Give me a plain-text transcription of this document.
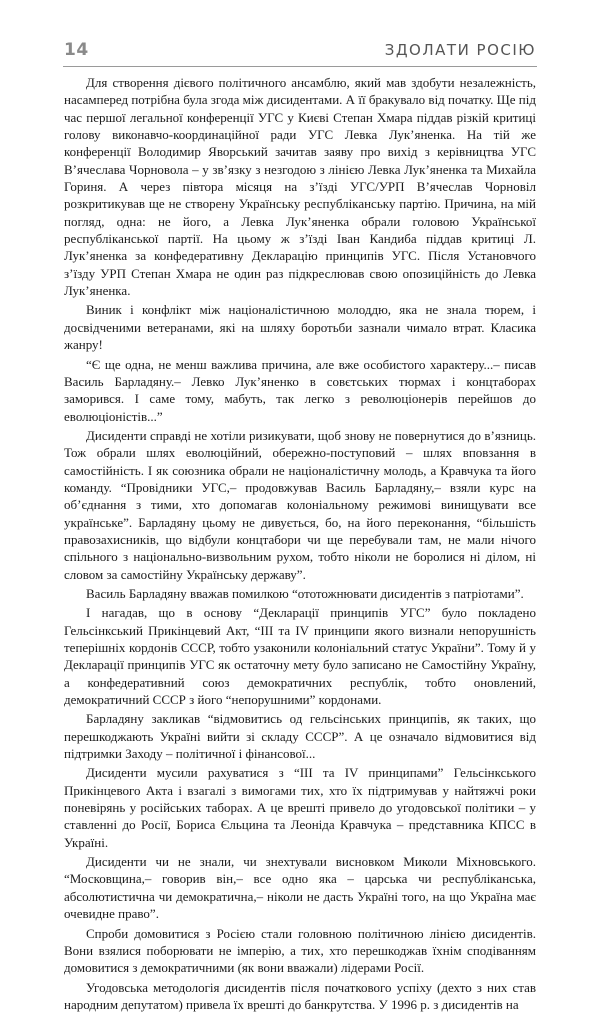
14	ЗДОЛАТИ РОСІЮ

Для створення дієвого політичного ансамблю, який мав здобути незалежність, насамперед потрібна була згода між дисидентами. А її бракувало від початку. Ще під час першої легальної конференції УГС у Києві Степан Хмара піддав різкій критиці голову виконавчо-координаційної ради УГС Левка Лук’яненка. На тій же конференції Володимир Яворський зачитав заяву про вихід з керівництва УГС В’ячеслава Чорновола – у зв’язку з незгодою з лінією Левка Лук’яненка та Михайла Гориня. А через півтора місяця на з’їзді УГС/УРП В’ячеслав Чорновіл розкритикував ще не створену Українську республіканську партію. Причина, на мій погляд, одна: не його, а Левка Лук’яненка обрали головою Української республіканської партії. На цьому ж з’їзді Іван Кандиба піддав критиці Л. Лук’яненка за конфедеративну Декларацію принципів УГС. Після Установчого з’їзду УРП Степан Хмара не один раз підкреслював свою опозиційність до Левка Лук’яненка.

Виник і конфлікт між націоналістичною молоддю, яка не знала тюрем, і досвідченими ветеранами, які на шляху боротьби зазнали чимало втрат. Класика жанру!

“Є ще одна, не менш важлива причина, але вже особистого характеру...– писав Василь Барладяну.– Левко Лук’яненко в совєтських тюрмах і концтаборах заморився. І саме тому, мабуть, так легко з революціонерів перейшов до еволюціоністів...”

Дисиденти справді не хотіли ризикувати, щоб знову не повернутися до в’язниць. Тож обрали шлях еволюційний, обережно-поступовий – шлях вповзання в самостійність. І як союзника обрали не націоналістичну молодь, а Кравчука та його команду. “Провідники УГС,– продовжував Василь Барладяну,– взяли курс на об’єднання з тими, хто допомагав колоніальному режимові винищувати все українське”. Барладяну цьому не дивується, бо, на його переконання, “більшість правозахисників, що відбули концтабори чи ще перебували там, не мали нічого спільного з національно-визвольним рухом, тобто ніколи не боролися ні ділом, ні словом за самостійну Українську державу”.

Василь Барладяну вважав помилкою “ототожнювати дисидентів з патріотами”.

І нагадав, що в основу “Декларації принципів УГС” було покладено Гельсінкський Прикінцевий Акт, “ІІІ та IV принципи якого визнали непорушність теперішніх кордонів СССР, тобто узаконили колоніальний статус України”. Тому й у Декларації принципів УГС як остаточну мету було записано не Самостійну Україну, а конфедеративний союз демократичних республік, тобто оновлений, демократичний СССР з його “непорушними” кордонами.

Барладяну закликав “відмовитись од гельсінських принципів, як таких, що перешкоджають Україні вийти зі складу СССР”. А це означало відмовитися від підтримки Заходу – політичної і фінансової...

Дисиденти мусили рахуватися з “ІІІ та IV принципами” Гельсінкського Прикінцевого Акта і взагалі з вимогами тих, хто їх підтримував у найтяжчі роки поневірянь у російських таборах. А це врешті привело до угодовської політики – у ставленні до Росії, Бориса Єльцина та Леоніда Кравчука – представника КПСС в Україні.

Дисиденти чи не знали, чи знехтували висновком Миколи Міхновського. “Московщина,– говорив він,– все одно яка – царська чи республіканська, абсолютистична чи демократична,– ніколи не дасть Україні того, на що Україна має очевидне право”.

Спроби домовитися з Росією стали головною політичною лінією дисидентів. Вони взялися поборювати не імперію, а тих, хто перешкоджав їхнім сподіванням домовитися з демократичними (як вони вважали) лідерами Росії.

Угодовська методологія дисидентів після початкового успіху (дехто з них став народним депутатом) привела їх врешті до банкрутства. У 1996 р. з дисидентів на
